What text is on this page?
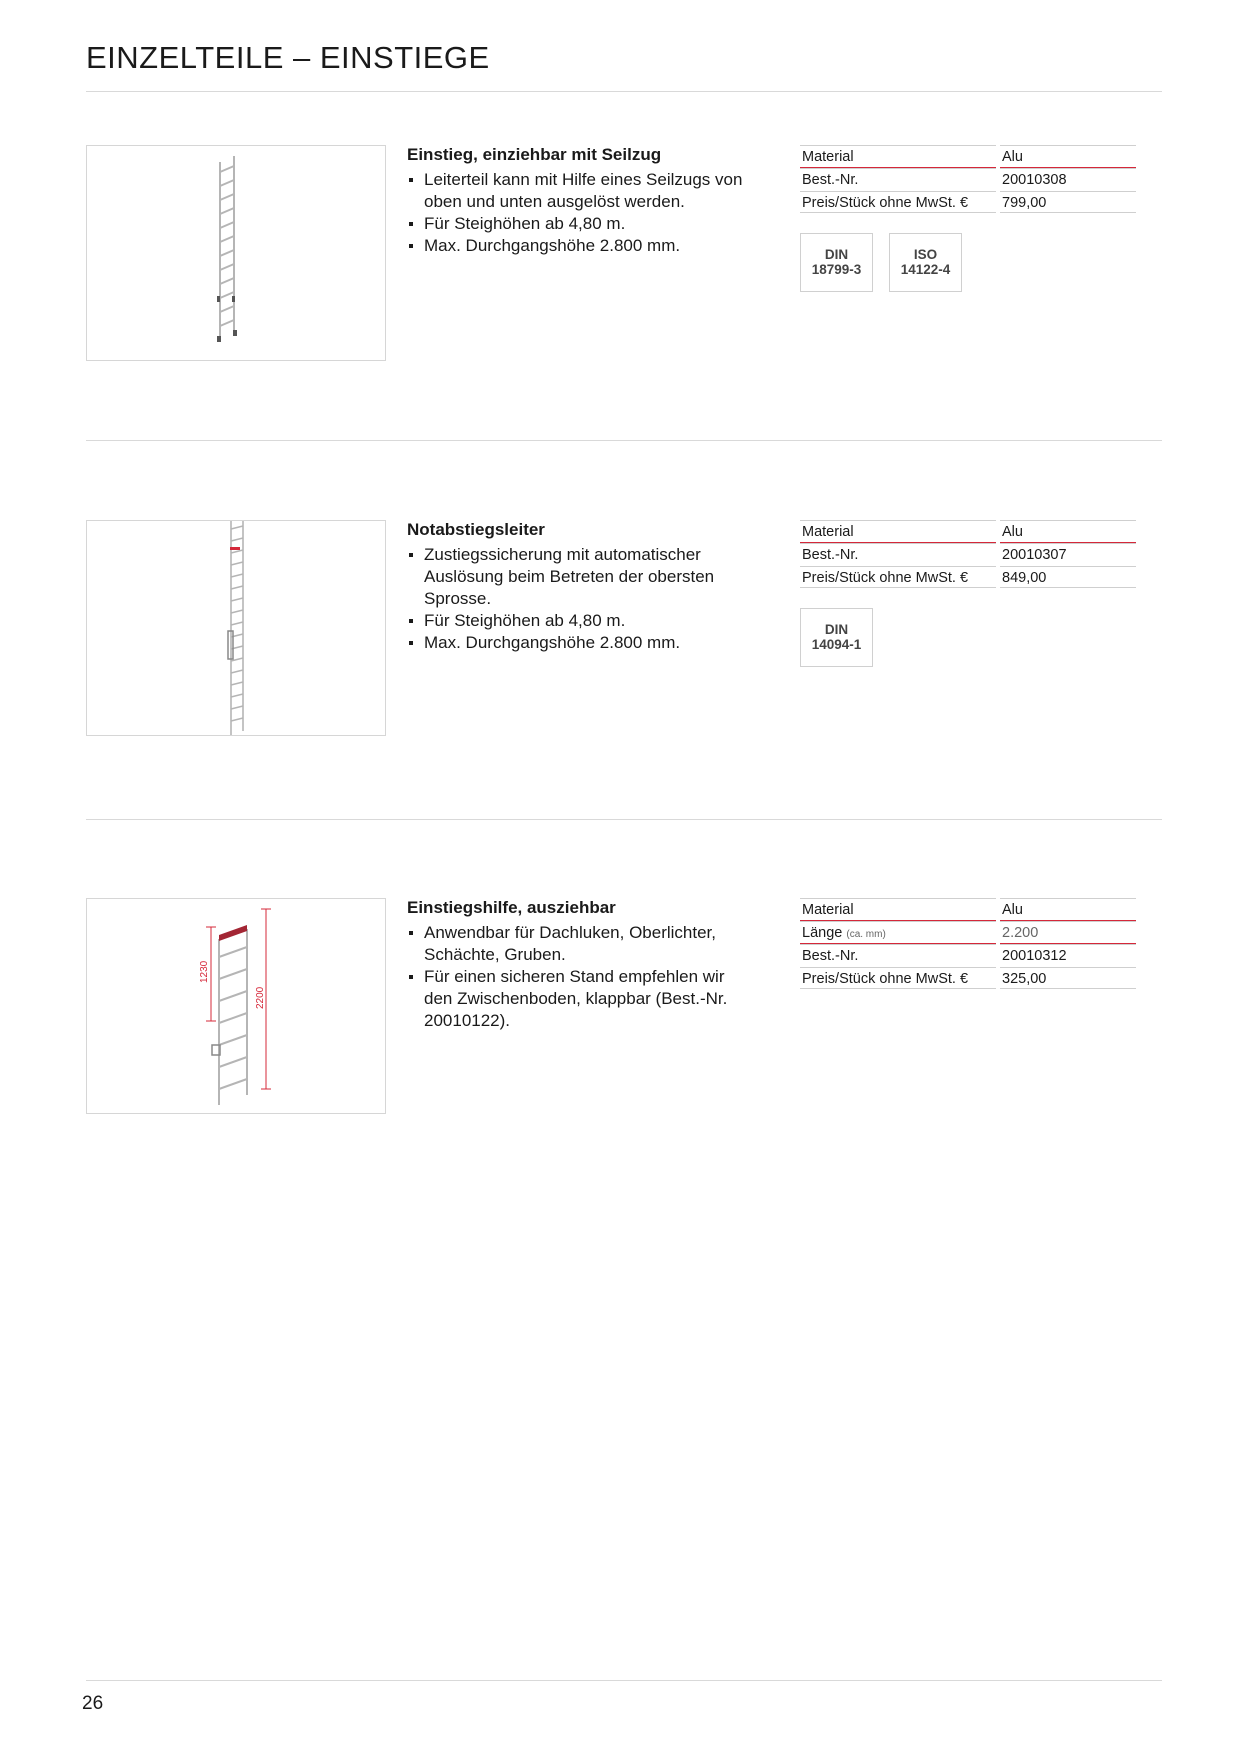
EINZELTEILE – EINSTIEGE
Einstieg, einziehbar mit Seilzug
Leiterteil kann mit Hilfe eines Seilzugs von oben und unten ausgelöst werden.
Für Steighöhen ab 4,80 m.
Max. Durchgangshöhe 2.800 mm.
Material	Alu
Best.-Nr.	20010308
Preis/Stück ohne MwSt. €	799,00
DIN
18799-3
ISO
14122-4
Notabstiegsleiter
Zustiegssicherung mit automatischer Auslösung beim Betreten der obersten Sprosse.
Für Steighöhen ab 4,80 m.
Max. Durchgangshöhe 2.800 mm.
Material	Alu
Best.-Nr.	20010307
Preis/Stück ohne MwSt. €	849,00
DIN
14094-1
1230
2200
Einstiegshilfe, ausziehbar
Anwendbar für Dachluken, Oberlichter, Schächte, Gruben.
Für einen sicheren Stand empfehlen wir den Zwischenboden, klappbar (Best.-Nr. 20010122).
Material	Alu
Länge (ca. mm)	2.200
Best.-Nr.	20010312
Preis/Stück ohne MwSt. €	325,00
26
